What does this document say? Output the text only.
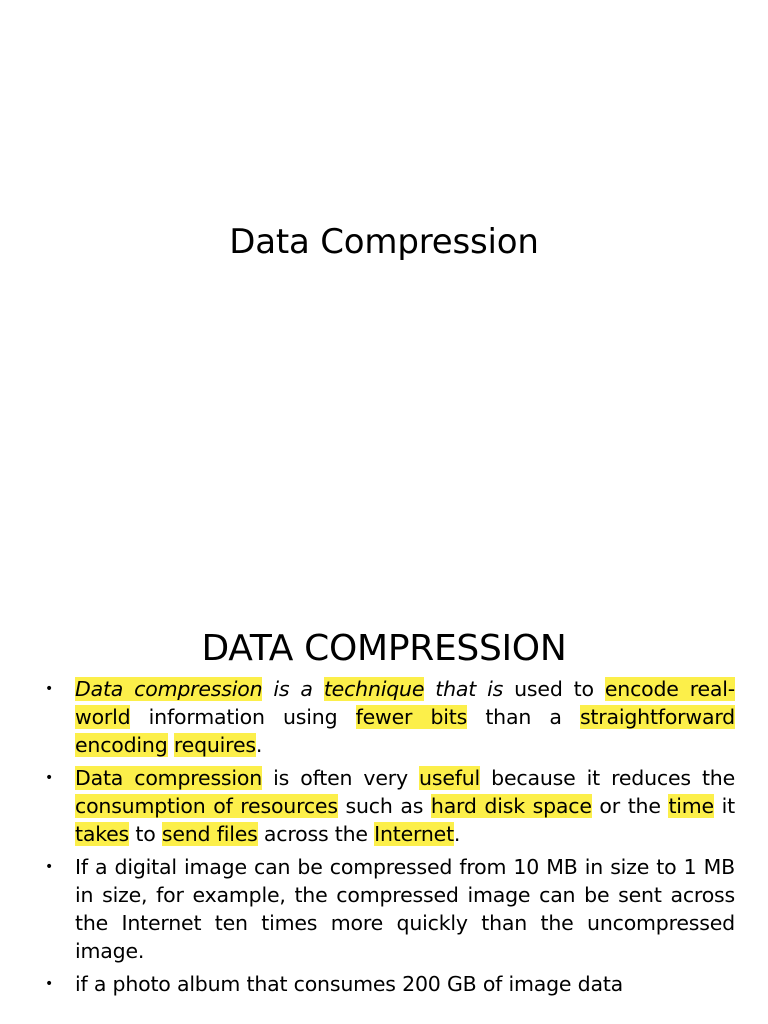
Data Compression
DATA COMPRESSION
• Data compression is a technique that is used to encode real-world information using fewer bits than a straightforward encoding requires.
• Data compression is often very useful because it reduces the consumption of resources such as hard disk space or the time it takes to send files across the Internet.
• If a digital image can be compressed from 10 MB in size to 1 MB in size, for example, the compressed image can be sent across the Internet ten times more quickly than the uncompressed image.
• if a photo album that consumes 200 GB of image data
